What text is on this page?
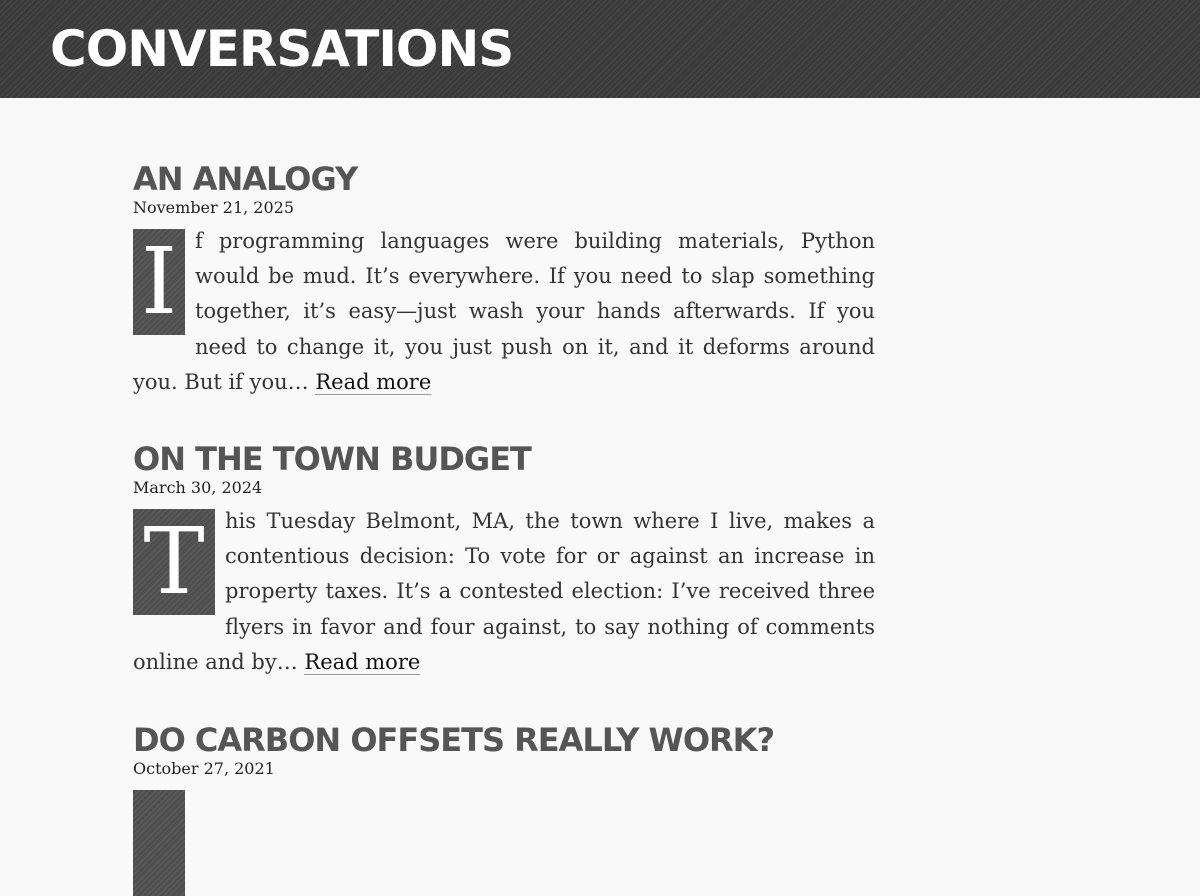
CONVERSATIONS
AN ANALOGY
November 21, 2025

I f programming languages were building materials, Python would be mud. It’s everywhere. If you need to slap something together, it’s easy—just wash your hands afterwards. If you need to change it, you just push on it, and it deforms around you. But if you… Read more

ON THE TOWN BUDGET
March 30, 2024

T his Tuesday Belmont, MA, the town where I live, makes a contentious decision: To vote for or against an increase in property taxes. It’s a contested election: I’ve received three flyers in favor and four against, to say nothing of comments online and by… Read more

DO CARBON OFFSETS REALLY WORK?
October 27, 2021
